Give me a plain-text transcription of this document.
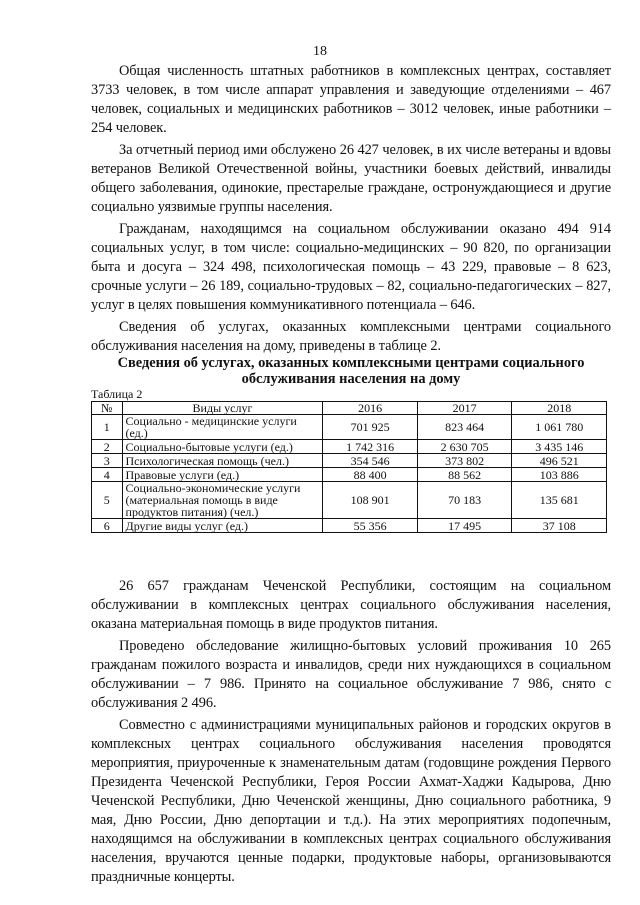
18

Общая численность штатных работников в комплексных центрах, составляет 3733 человек, в том числе аппарат управления и заведующие отделениями – 467 человек, социальных и медицинских работников – 3012 человек, иные работники – 254 человек.

За отчетный период ими обслужено 26 427 человек, в их числе ветераны и вдовы ветеранов Великой Отечественной войны, участники боевых действий, инвалиды общего заболевания, одинокие, престарелые граждане, остронуждающиеся и другие социально уязвимые группы населения.

Гражданам, находящимся на социальном обслуживании оказано 494 914 социальных услуг, в том числе: социально-медицинских – 90 820, по организации быта и досуга – 324 498, психологическая помощь – 43 229, правовые – 8 623, срочные услуги – 26 189, социально-трудовых – 82, социально-педагогических – 827, услуг в целях повышения коммуникативного потенциала – 646.

Сведения об услугах, оказанных комплексными центрами социального обслуживания населения на дому, приведены в таблице 2.

Сведения об услугах, оказанных комплексными центрами социального обслуживания населения на дому
Таблица 2
№	Виды услуг	2016	2017	2018
1	Социально - медицинские услуги (ед.)	701 925	823 464	1 061 780
2	Социально-бытовые услуги (ед.)	1 742 316	2 630 705	3 435 146
3	Психологическая помощь (чел.)	354 546	373 802	496 521
4	Правовые услуги (ед.)	88 400	88 562	103 886
5	Социально-экономические услуги (материальная помощь в виде продуктов питания) (чел.)	108 901	70 183	135 681
6	Другие виды услуг (ед.)	55 356	17 495	37 108

26 657 гражданам Чеченской Республики, состоящим на социальном обслуживании в комплексных центрах социального обслуживания населения, оказана материальная помощь в виде продуктов питания.

Проведено обследование жилищно-бытовых условий проживания 10 265 гражданам пожилого возраста и инвалидов, среди них нуждающихся в социальном обслуживании – 7 986. Принято на социальное обслуживание 7 986, снято с обслуживания 2 496.

Совместно с администрациями муниципальных районов и городских округов в комплексных центрах социального обслуживания населения проводятся мероприятия, приуроченные к знаменательным датам (годовщине рождения Первого Президента Чеченской Республики, Героя России Ахмат-Хаджи Кадырова, Дню Чеченской Республики, Дню Чеченской женщины, Дню социального работника, 9 мая, Дню России, Дню депортации и т.д.). На этих мероприятиях подопечным, находящимся на обслуживании в комплексных центрах социального обслуживания населения, вручаются ценные подарки, продуктовые наборы, организовываются праздничные концерты.
